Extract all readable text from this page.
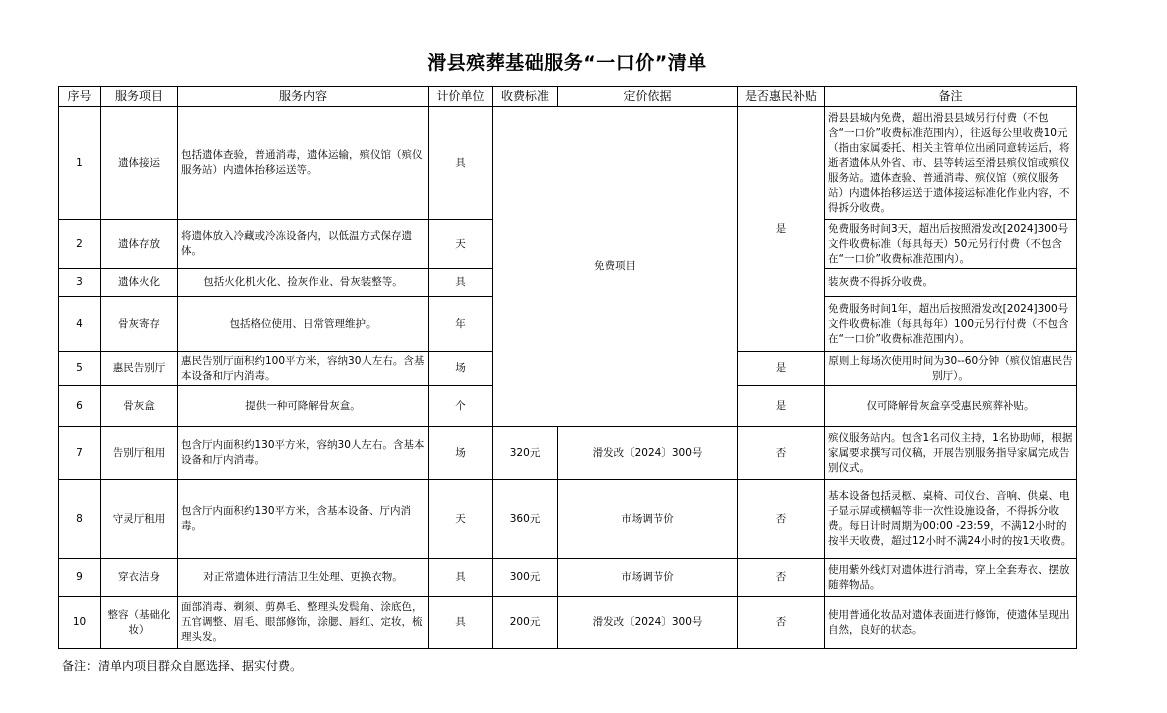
滑县殡葬基础服务“一口价”清单
序号	服务项目	服务内容	计价单位	收费标准	定价依据	是否惠民补贴	备注
1	遗体接运	包括遗体查验，普通消毒，遗体运输，殡仪馆（殡仪服务站）内遗体抬移运送等。	具	免费项目		是	滑县县城内免费，超出滑县县域另行付费（不包含“一口价”收费标准范围内），往返每公里收费10元（指由家属委托、相关主管单位出函同意转运后，将逝者遗体从外省、市、县等转运至滑县殡仪馆或殡仪服务站。遗体查验、普通消毒、殡仪馆（殡仪服务站）内遗体抬移运送于遗体接运标准化作业内容，不得拆分收费。
2	遗体存放	将遗体放入冷藏或冷冻设备内，以低温方式保存遗体。	天				免费服务时间3天，超出后按照滑发改[2024]300号文件收费标准（每具每天）50元另行付费（不包含在“一口价”收费标准范围内）。
3	遗体火化	包括火化机火化、捡灰作业、骨灰装整等。	具				装灰费不得拆分收费。
4	骨灰寄存	包括格位使用、日常管理维护。	年				免费服务时间1年，超出后按照滑发改[2024]300号文件收费标准（每具每年）100元另行付费（不包含在“一口价”收费标准范围内）。
5	惠民告别厅	惠民告别厅面积约100平方米，容纳30人左右。含基本设备和厅内消毒。	场			是	原则上每场次使用时间为30--60分钟（殡仪馆惠民告别厅）。
6	骨灰盒	提供一种可降解骨灰盒。	个			是	仅可降解骨灰盒享受惠民殡葬补贴。
7	告别厅租用	包含厅内面积约130平方米，容纳30人左右。含基本设备和厅内消毒。	场	320元	滑发改〔2024〕300号	否	殡仪服务站内。包含1名司仪主持，1名协助师，根据家属要求撰写司仪稿，开展告别服务指导家属完成告别仪式。
8	守灵厅租用	包含厅内面积约130平方米，含基本设备、厅内消毒。	天	360元	市场调节价	否	基本设备包括灵柩、桌椅、司仪台、音响、供桌、电子显示屏或横幅等非一次性设施设备，不得拆分收费。每日计时周期为00:00 -23:59，不满12小时的按半天收费，超过12小时不满24小时的按1天收费。
9	穿衣洁身	对正常遗体进行清洁卫生处理、更换衣物。	具	300元	市场调节价	否	使用紫外线灯对遗体进行消毒，穿上全套寿衣、摆放随葬物品。
10	整容（基础化妆）	面部消毒、剃须、剪鼻毛、整理头发鬓角、涂底色，五官调整、眉毛、眼部修饰，涂腮、唇红、定妆，梳理头发。	具	200元	滑发改〔2024〕300号	否	使用普通化妆品对遗体表面进行修饰，使遗体呈现出自然，良好的状态。
备注：清单内项目群众自愿选择、据实付费。
